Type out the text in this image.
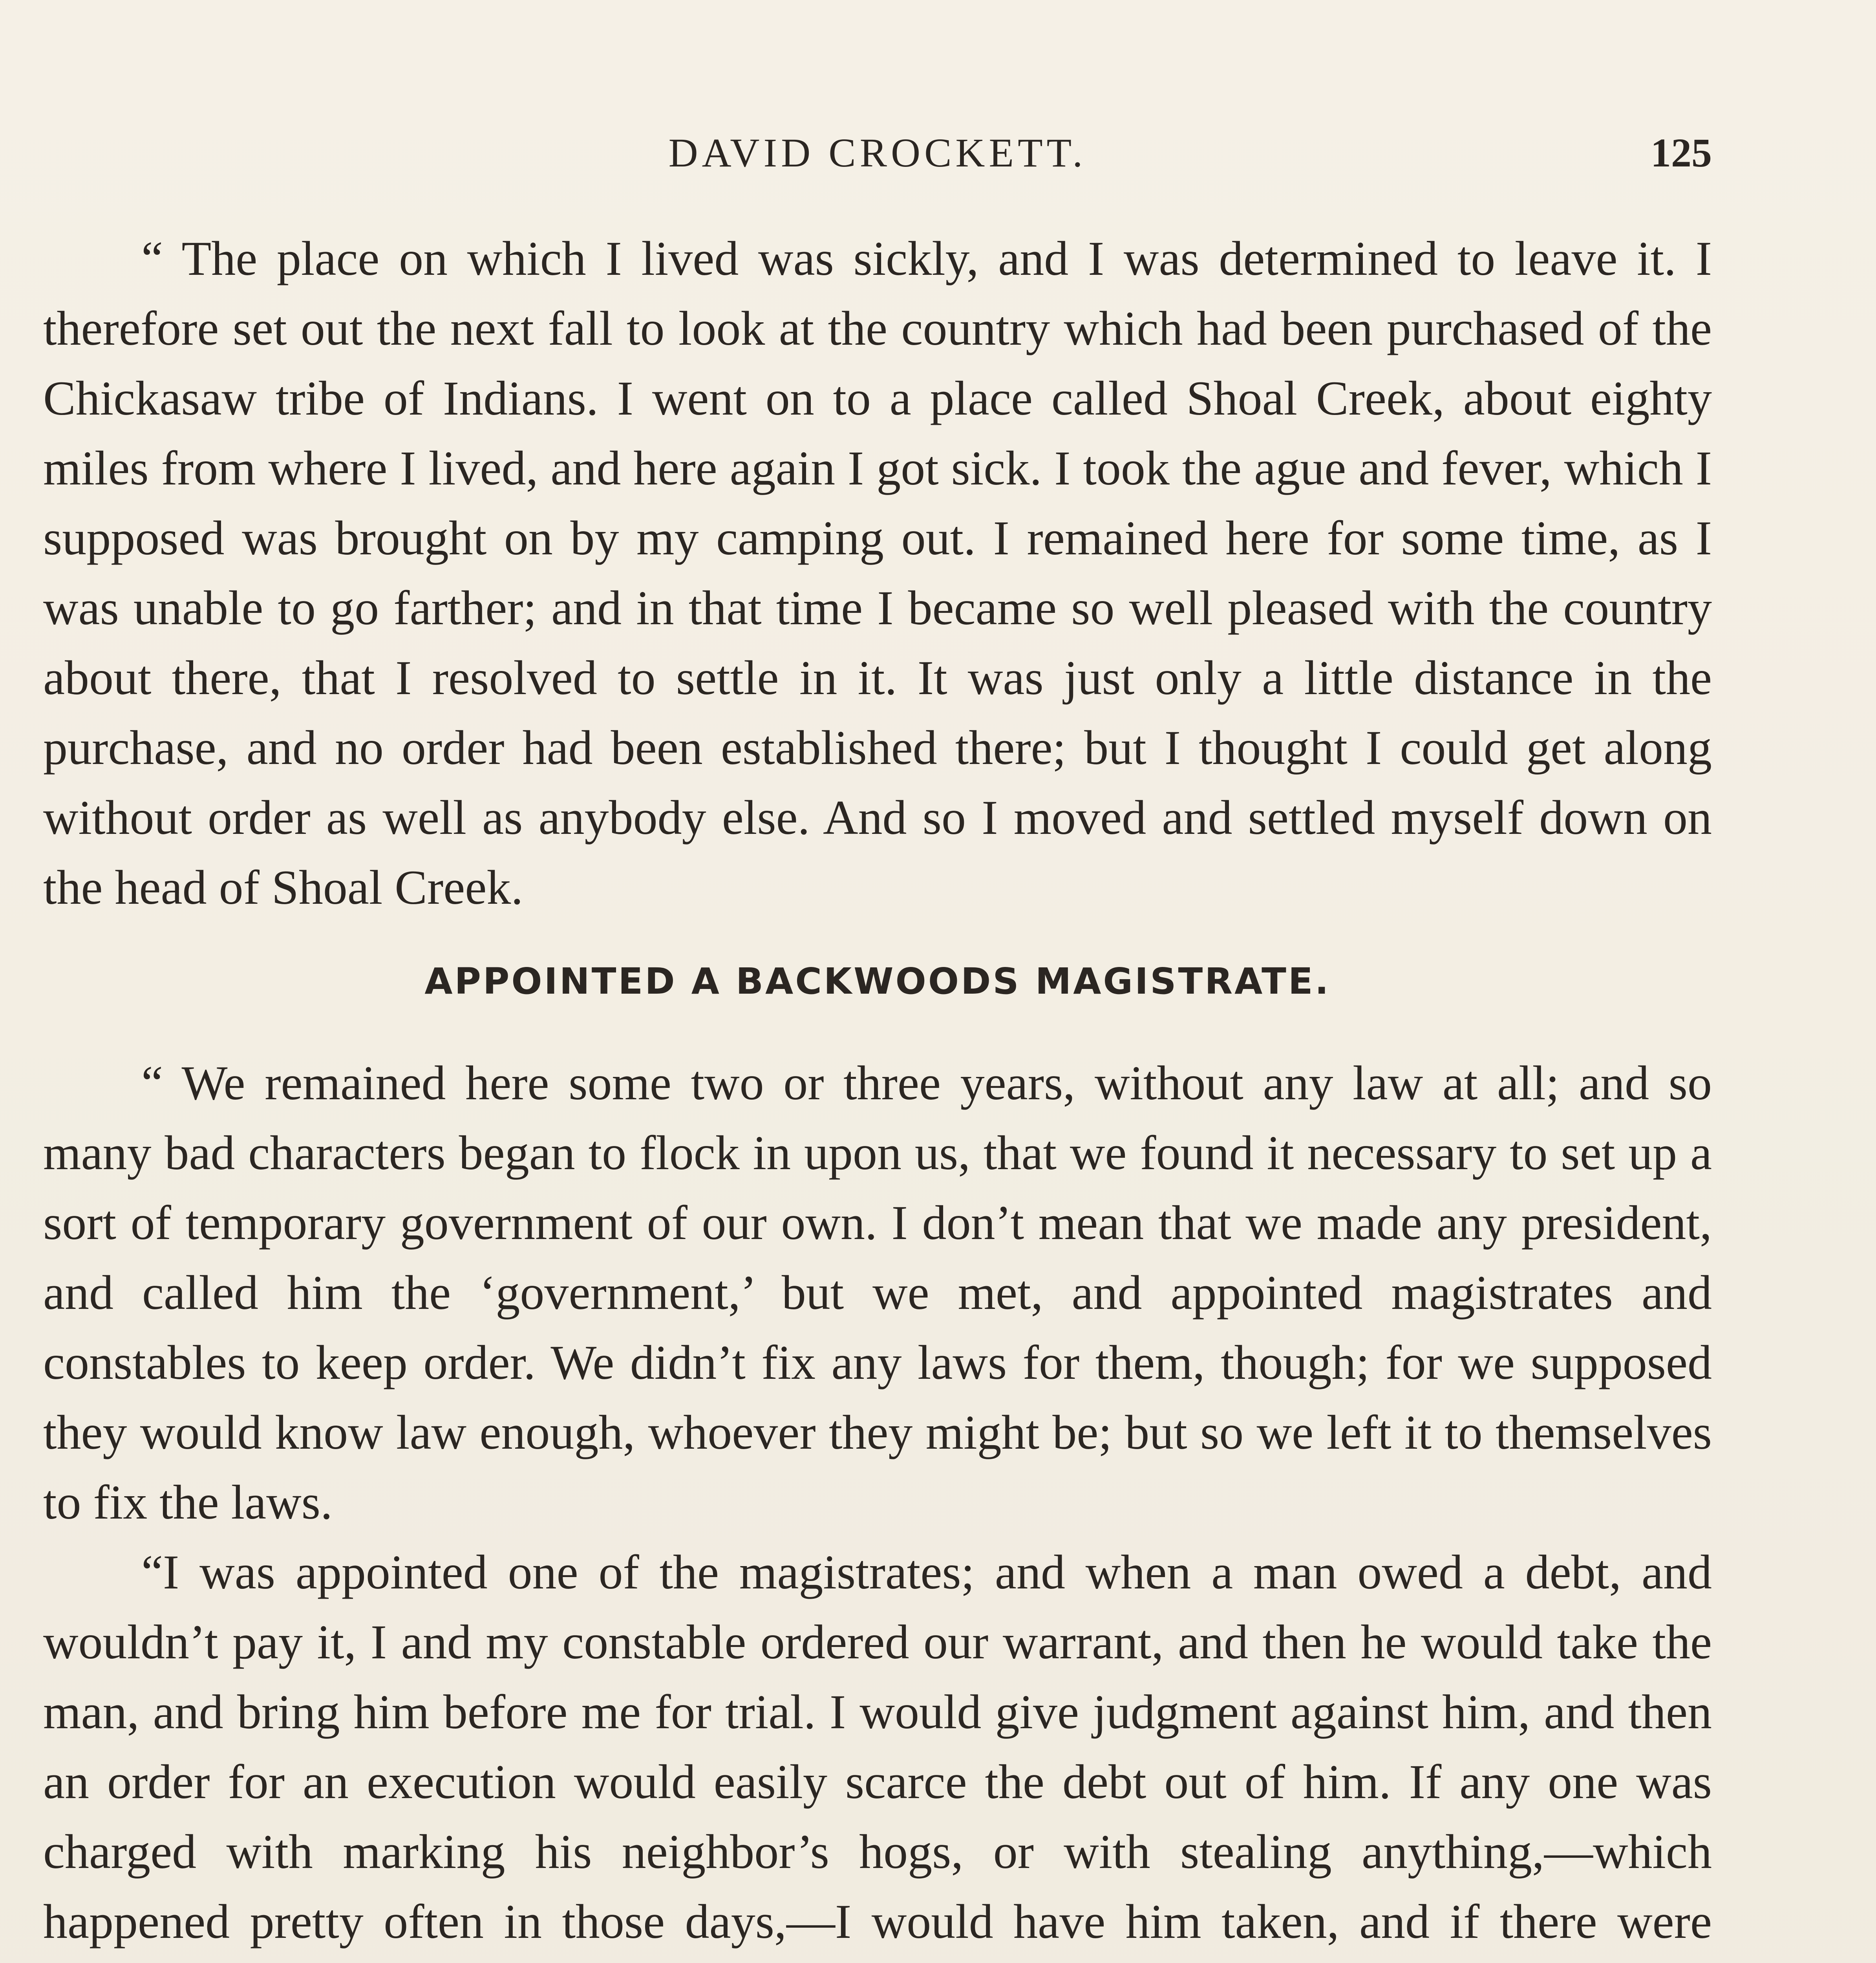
DAVID CROCKETT.	125

“ The place on which I lived was sickly, and I was determined to leave it. I therefore set out the next fall to look at the country which had been purchased of the Chickasaw tribe of Indians. I went on to a place called Shoal Creek, about eighty miles from where I lived, and here again I got sick. I took the ague and fever, which I supposed was brought on by my camping out. I remained here for some time, as I was unable to go farther; and in that time I became so well pleased with the country about there, that I resolved to settle in it. It was just only a little distance in the purchase, and no order had been established there; but I thought I could get along without order as well as anybody else. And so I moved and settled myself down on the head of Shoal Creek.

APPOINTED A BACKWOODS MAGISTRATE.

“ We remained here some two or three years, without any law at all; and so many bad characters began to flock in upon us, that we found it necessary to set up a sort of temporary government of our own. I don’t mean that we made any president, and called him the ‘government,’ but we met, and appointed magistrates and constables to keep order. We didn’t fix any laws for them, though; for we supposed they would know law enough, whoever they might be; but so we left it to themselves to fix the laws.

“I was appointed one of the magistrates; and when a man owed a debt, and wouldn’t pay it, I and my constable ordered our warrant, and then he would take the man, and bring him before me for trial. I would give judgment against him, and then an order for an execution would easily scarce the debt out of him. If any one was charged with marking his neighbor’s hogs, or with stealing anything,—which happened pretty often in those days,—I would have him taken, and if there were
